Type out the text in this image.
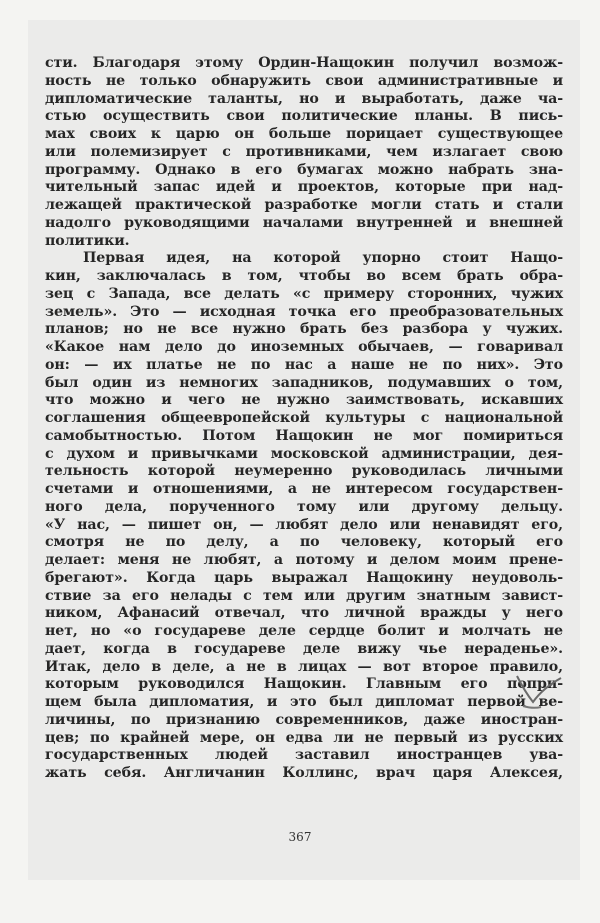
сти. Благодаря этому Ордин-Нащокин получил возмож-
ность не только обнаружить свои административные и
дипломатические таланты, но и выработать, даже ча-
стью осуществить свои политические планы. В пись-
мах своих к царю он больше порицает существующее
или полемизирует с противниками, чем излагает свою
программу. Однако в его бумагах можно набрать зна-
чительный запас идей и проектов, которые при над-
лежащей практической разработке могли стать и стали
надолго руководящими началами внутренней и внешней
политики.
Первая идея, на которой упорно стоит Нащо-
кин, заключалась в том, чтобы во всем брать обра-
зец с Запада, все делать «с примеру сторонних, чужих
земель». Это — исходная точка его преобразовательных
планов; но не все нужно брать без разбора у чужих.
«Какое нам дело до иноземных обычаев, — говаривал
он: — их платье не по нас а наше не по них». Это
был один из немногих западников, подумавших о том,
что можно и чего не нужно заимствовать, искавших
соглашения общеевропейской культуры с национальной
самобытностью. Потом Нащокин не мог помириться
с духом и привычками московской администрации, дея-
тельность которой неумеренно руководилась личными
счетами и отношениями, а не интересом государствен-
ного дела, порученного тому или другому дельцу.
«У нас, — пишет он, — любят дело или ненавидят его,
смотря не по делу, а по человеку, который его
делает: меня не любят, а потому и делом моим прене-
брегают». Когда царь выражал Нащокину неудоволь-
ствие за его нелады с тем или другим знатным завист-
ником, Афанасий отвечал, что личной вражды у него
нет, но «о государеве деле сердце болит и молчать не
дает, когда в государеве деле вижу чье нераденье».
Итак, дело в деле, а не в лицах — вот второе правило,
которым руководился Нащокин. Главным его попри-
щем была дипломатия, и это был дипломат первой ве-
личины, по признанию современников, даже иностран-
цев; по крайней мере, он едва ли не первый из русских
государственных людей заставил иностранцев ува-
жать себя. Англичанин Коллинс, врач царя Алексея,
367
